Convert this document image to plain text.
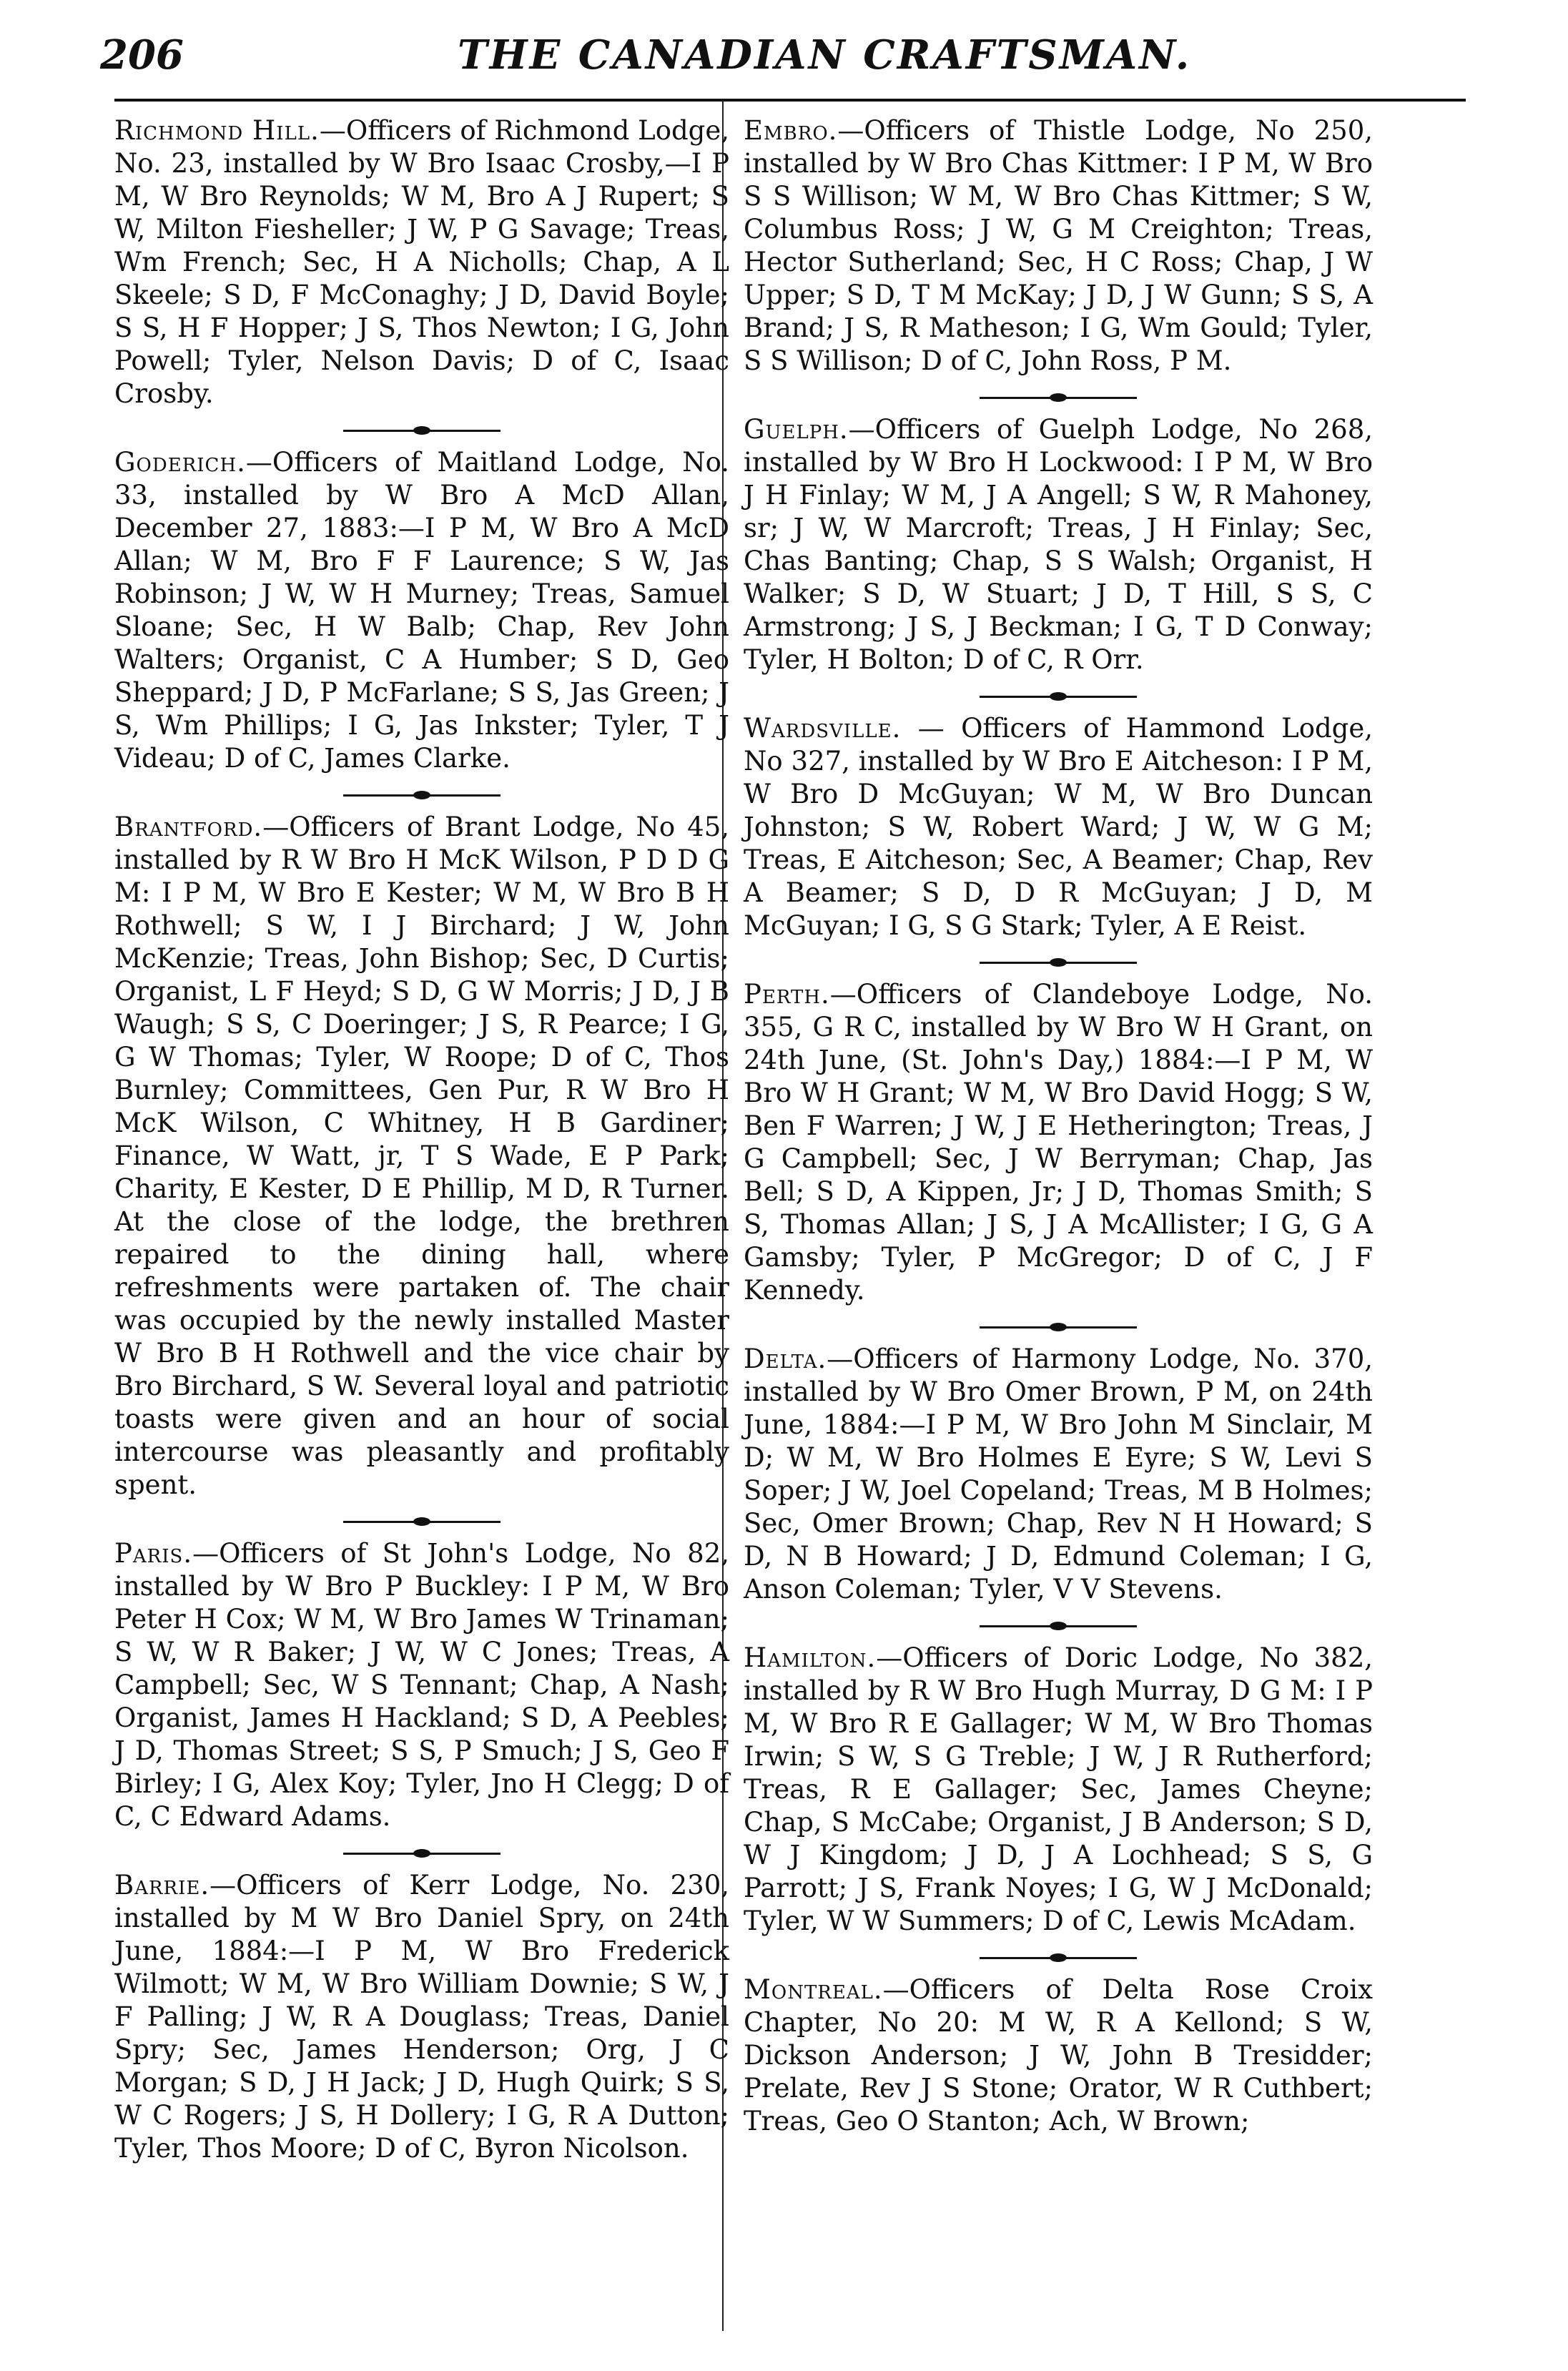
206	THE CANADIAN CRAFTSMAN.

Richmond Hill.—Officers of Richmond Lodge, No. 23, installed by W Bro Isaac Crosby,—I P M, W Bro Reynolds; W M, Bro A J Rupert; S W, Milton Fiesheller; J W, P G Savage; Treas, Wm French; Sec, H A Nicholls; Chap, A L Skeele; S D, F McConaghy; J D, David Boyle; S S, H F Hopper; J S, Thos Newton; I G, John Powell; Tyler, Nelson Davis; D of C, Isaac Crosby.

Goderich.—Officers of Maitland Lodge, No. 33, installed by W Bro A McD Allan, December 27, 1883:—I P M, W Bro A McD Allan; W M, Bro F F Laurence; S W, Jas Robinson; J W, W H Murney; Treas, Samuel Sloane; Sec, H W Balb; Chap, Rev John Walters; Organist, C A Humber; S D, Geo Sheppard; J D, P McFarlane; S S, Jas Green; J S, Wm Phillips; I G, Jas Inkster; Tyler, T J Videau; D of C, James Clarke.

Brantford.—Officers of Brant Lodge, No 45, installed by R W Bro H McK Wilson, P D D G M: I P M, W Bro E Kester; W M, W Bro B H Rothwell; S W, I J Birchard; J W, John McKenzie; Treas, John Bishop; Sec, D Curtis; Organist, L F Heyd; S D, G W Morris; J D, J B Waugh; S S, C Doeringer; J S, R Pearce; I G, G W Thomas; Tyler, W Roope; D of C, Thos Burnley; Committees, Gen Pur, R W Bro H McK Wilson, C Whitney, H B Gardiner; Finance, W Watt, jr, T S Wade, E P Park; Charity, E Kester, D E Phillip, M D, R Turner. At the close of the lodge, the brethren repaired to the dining hall, where refreshments were partaken of. The chair was occupied by the newly installed Master W Bro B H Rothwell and the vice chair by Bro Birchard, S W. Several loyal and patriotic toasts were given and an hour of social intercourse was pleasantly and profitably spent.

Paris.—Officers of St John's Lodge, No 82, installed by W Bro P Buckley: I P M, W Bro Peter H Cox; W M, W Bro James W Trinaman; S W, W R Baker; J W, W C Jones; Treas, A Campbell; Sec, W S Tennant; Chap, A Nash; Organist, James H Hackland; S D, A Peebles; J D, Thomas Street; S S, P Smuch; J S, Geo F Birley; I G, Alex Koy; Tyler, Jno H Clegg; D of C, C Edward Adams.

Barrie.—Officers of Kerr Lodge, No. 230, installed by M W Bro Daniel Spry, on 24th June, 1884:—I P M, W Bro Frederick Wilmott; W M, W Bro William Downie; S W, J F Palling; J W, R A Douglass; Treas, Daniel Spry; Sec, James Henderson; Org, J C Morgan; S D, J H Jack; J D, Hugh Quirk; S S, W C Rogers; J S, H Dollery; I G, R A Dutton; Tyler, Thos Moore; D of C, Byron Nicolson.

Embro.—Officers of Thistle Lodge, No 250, installed by W Bro Chas Kittmer: I P M, W Bro S S Willison; W M, W Bro Chas Kittmer; S W, Columbus Ross; J W, G M Creighton; Treas, Hector Sutherland; Sec, H C Ross; Chap, J W Upper; S D, T M McKay; J D, J W Gunn; S S, A Brand; J S, R Matheson; I G, Wm Gould; Tyler, S S Willison; D of C, John Ross, P M.

Guelph.—Officers of Guelph Lodge, No 268, installed by W Bro H Lockwood: I P M, W Bro J H Finlay; W M, J A Angell; S W, R Mahoney, sr; J W, W Marcroft; Treas, J H Finlay; Sec, Chas Banting; Chap, S S Walsh; Organist, H Walker; S D, W Stuart; J D, T Hill, S S, C Armstrong; J S, J Beckman; I G, T D Conway; Tyler, H Bolton; D of C, R Orr.

Wardsville. — Officers of Hammond Lodge, No 327, installed by W Bro E Aitcheson: I P M, W Bro D McGuyan; W M, W Bro Duncan Johnston; S W, Robert Ward; J W, W G M; Treas, E Aitcheson; Sec, A Beamer; Chap, Rev A Beamer; S D, D R McGuyan; J D, M McGuyan; I G, S G Stark; Tyler, A E Reist.

Perth.—Officers of Clandeboye Lodge, No. 355, G R C, installed by W Bro W H Grant, on 24th June, (St. John's Day,) 1884:—I P M, W Bro W H Grant; W M, W Bro David Hogg; S W, Ben F Warren; J W, J E Hetherington; Treas, J G Campbell; Sec, J W Berryman; Chap, Jas Bell; S D, A Kippen, Jr; J D, Thomas Smith; S S, Thomas Allan; J S, J A McAllister; I G, G A Gamsby; Tyler, P McGregor; D of C, J F Kennedy.

Delta.—Officers of Harmony Lodge, No. 370, installed by W Bro Omer Brown, P M, on 24th June, 1884:—I P M, W Bro John M Sinclair, M D; W M, W Bro Holmes E Eyre; S W, Levi S Soper; J W, Joel Copeland; Treas, M B Holmes; Sec, Omer Brown; Chap, Rev N H Howard; S D, N B Howard; J D, Edmund Coleman; I G, Anson Coleman; Tyler, V V Stevens.

Hamilton.—Officers of Doric Lodge, No 382, installed by R W Bro Hugh Murray, D G M: I P M, W Bro R E Gallager; W M, W Bro Thomas Irwin; S W, S G Treble; J W, J R Rutherford; Treas, R E Gallager; Sec, James Cheyne; Chap, S McCabe; Organist, J B Anderson; S D, W J Kingdom; J D, J A Lochhead; S S, G Parrott; J S, Frank Noyes; I G, W J McDonald; Tyler, W W Summers; D of C, Lewis McAdam.

Montreal.—Officers of Delta Rose Croix Chapter, No 20: M W, R A Kellond; S W, Dickson Anderson; J W, John B Tresidder; Prelate, Rev J S Stone; Orator, W R Cuthbert; Treas, Geo O Stanton; Ach, W Brown;
